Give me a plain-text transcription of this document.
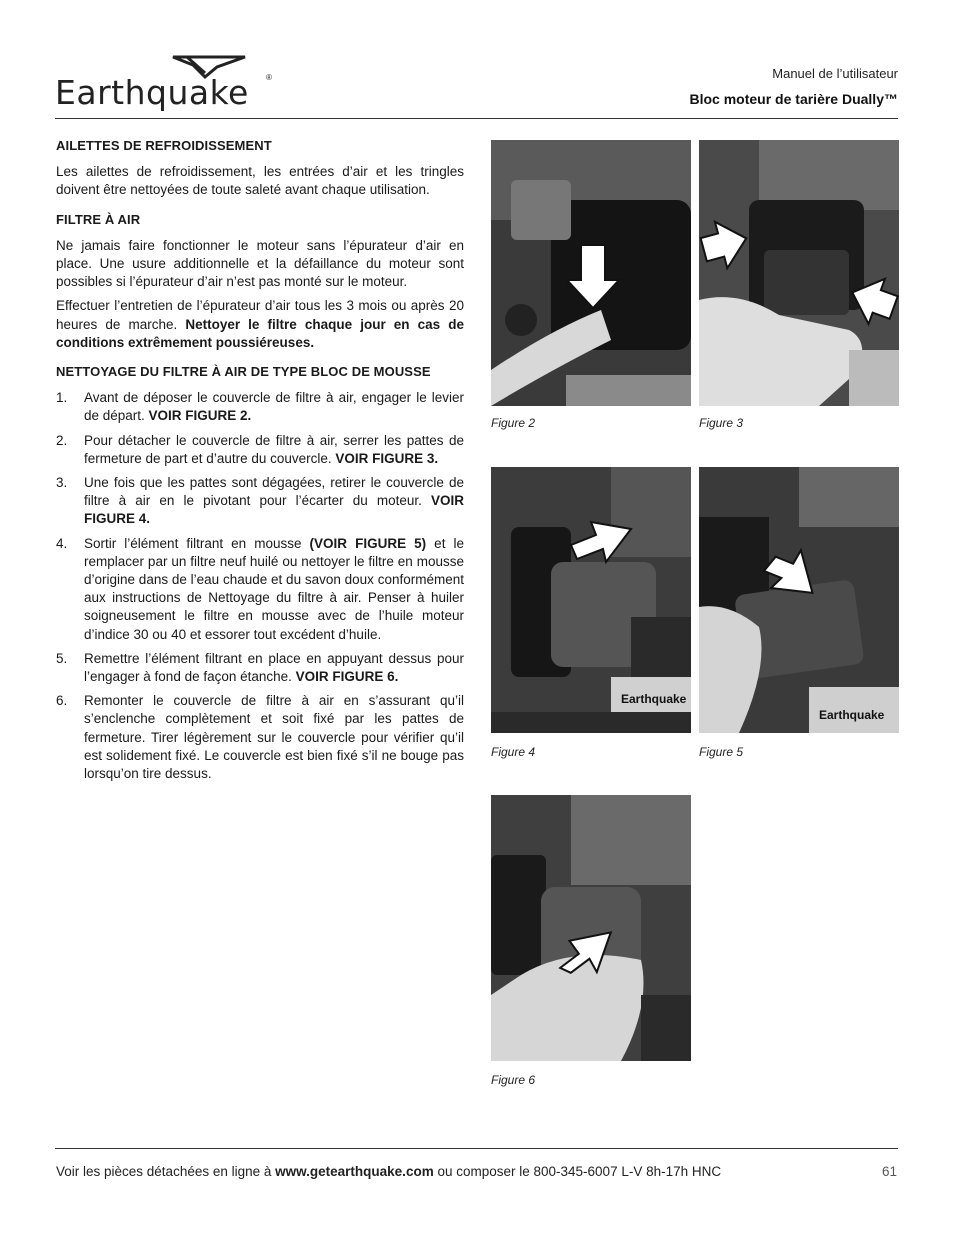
Earthquake ®	Manuel de l’utilisateur
Bloc moteur de tarière Dually™
AILETTES DE REFROIDISSEMENT

Les ailettes de refroidissement, les entrées d’air et les tringles doivent être nettoyées de toute saleté avant chaque utilisation.

FILTRE À AIR

Ne jamais faire fonctionner le moteur sans l’épurateur d’air en place. Une usure additionnelle et la défaillance du moteur sont possibles si l’épurateur d’air n’est pas monté sur le moteur.

Effectuer l’entretien de l’épurateur d’air tous les 3 mois ou après 20 heures de marche. Nettoyer le filtre chaque jour en cas de conditions extrêmement poussiéreuses.

NETTOYAGE DU FILTRE À AIR DE TYPE BLOC DE MOUSSE
1. Avant de déposer le couvercle de filtre à air, engager le levier de départ. VOIR FIGURE 2.
2. Pour détacher le couvercle de filtre à air, serrer les pattes de fermeture de part et d’autre du couvercle. VOIR FIGURE 3.
3. Une fois que les pattes sont dégagées, retirer le couvercle de filtre à air en le pivotant pour l’écarter du moteur. VOIR FIGURE 4.
4. Sortir l’élément filtrant en mousse (VOIR FIGURE 5) et le remplacer par un filtre neuf huilé ou nettoyer le filtre en mousse d’origine dans de l’eau chaude et du savon doux conformément aux instructions de Nettoyage du filtre à air. Penser à huiler soigneusement le filtre en mousse avec de l’huile moteur d’indice 30 ou 40 et essorer tout excédent d’huile.
5. Remettre l’élément filtrant en place en appuyant dessus pour l’engager à fond de façon étanche. VOIR FIGURE 6.
6. Remonter le couvercle de filtre à air en s’assurant qu’il s’enclenche complètement et soit fixé par les pattes de fermeture. Tirer légèrement sur le couvercle pour vérifier qu’il est solidement fixé. Le couvercle est bien fixé s’il ne bouge pas lorsqu’on tire dessus.
Figure 2	Figure 3
Earthquake
Figure 4
Earthquake
Figure 5
Figure 6
Voir les pièces détachées en ligne à www.getearthquake.com ou composer le 800-345-6007 L-V 8h-17h HNC	61
